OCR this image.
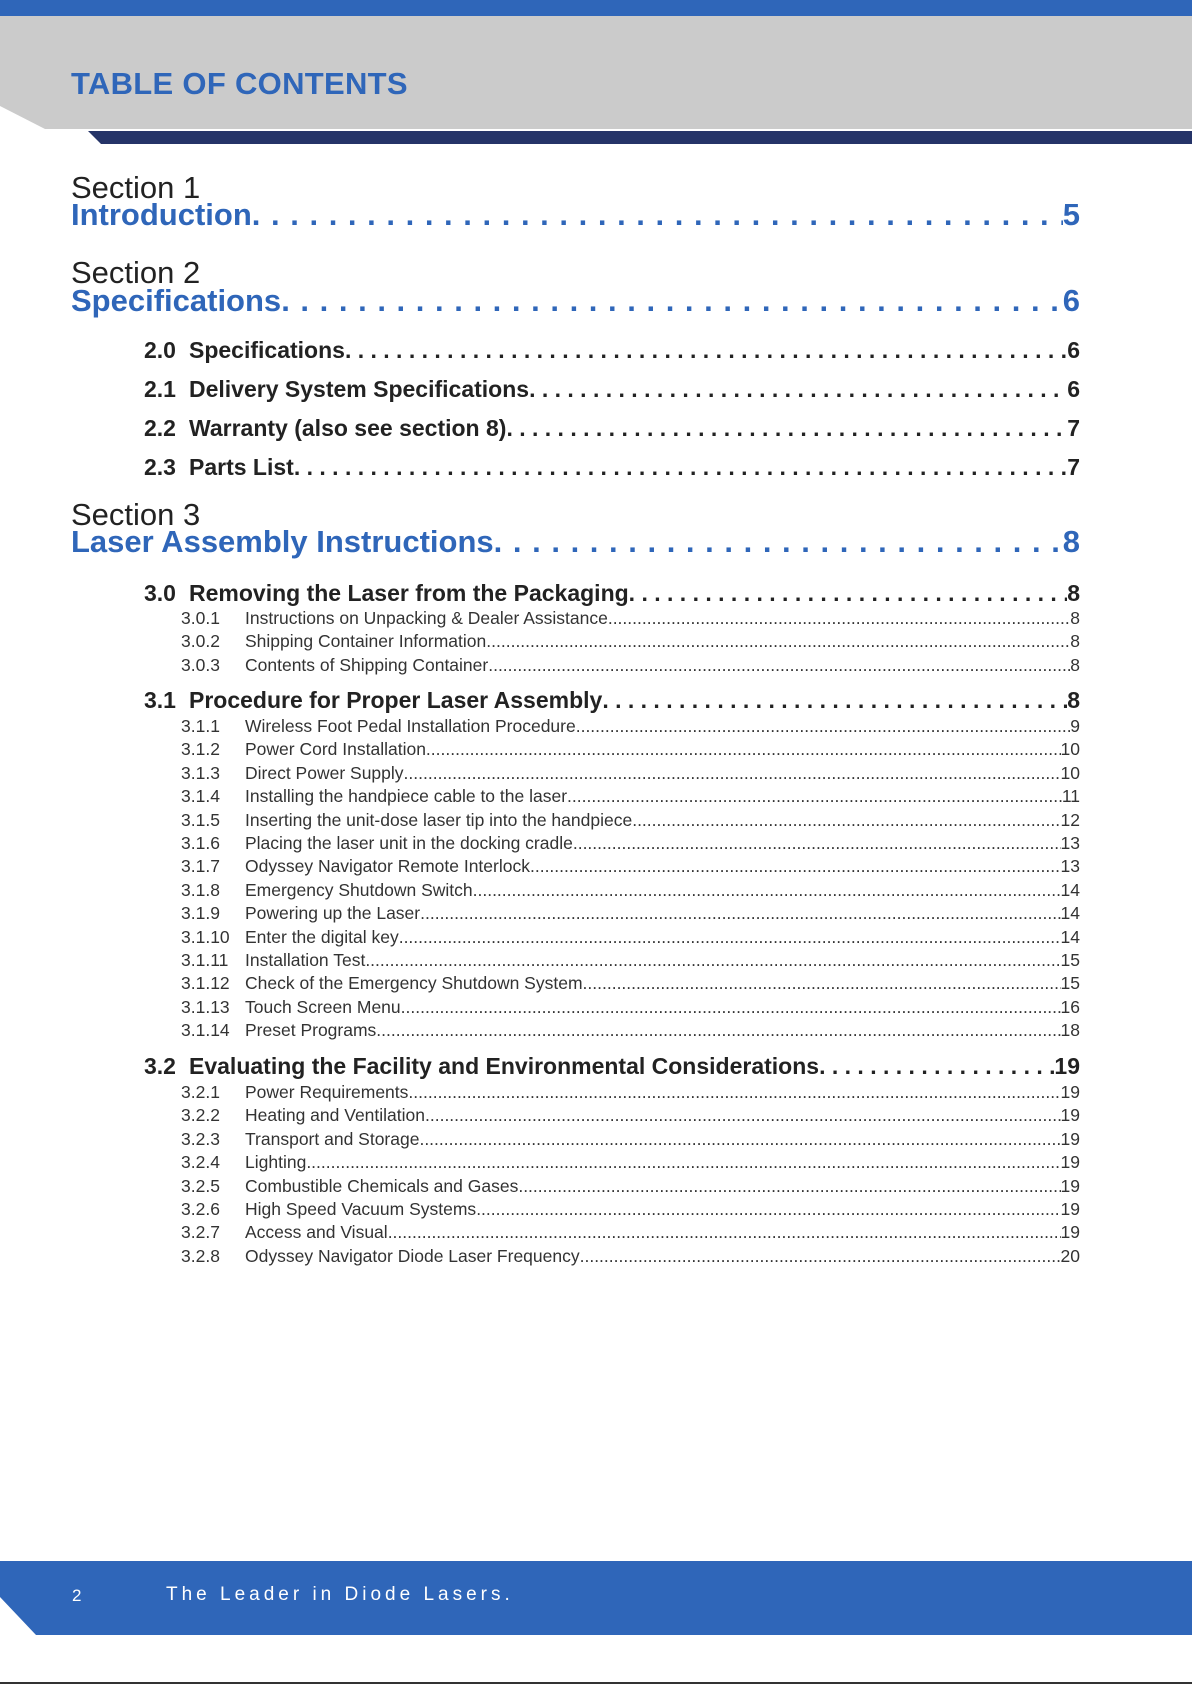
TABLE OF CONTENTS
Section 1
Introduction . . .	5
Section 2
Specifications . . .	6
2.0 Specifications . . .	6
2.1 Delivery System Specifications . . .	6
2.2 Warranty (also see section 8) . . .	7
2.3 Parts List . . .	7
Section 3
Laser Assembly Instructions . . .	8
3.0 Removing the Laser from the Packaging . . .	8
3.0.1 Instructions on Unpacking & Dealer Assistance .....	8
3.0.2 Shipping Container Information .....	8
3.0.3 Contents of Shipping Container .....	8
3.1 Procedure for Proper Laser Assembly . . .	8
3.1.1 Wireless Foot Pedal Installation Procedure .....	9
3.1.2 Power Cord Installation .....	10
3.1.3 Direct Power Supply .....	10
3.1.4 Installing the handpiece cable to the laser .....	11
3.1.5 Inserting the unit-dose laser tip into the handpiece .....	12
3.1.6 Placing the laser unit in the docking cradle .....	13
3.1.7 Odyssey Navigator Remote Interlock .....	13
3.1.8 Emergency Shutdown Switch .....	14
3.1.9 Powering up the Laser .....	14
3.1.10 Enter the digital key .....	14
3.1.11 Installation Test .....	15
3.1.12 Check of the Emergency Shutdown System .....	15
3.1.13 Touch Screen Menu .....	16
3.1.14 Preset Programs .....	18
3.2 Evaluating the Facility and Environmental Considerations . . .	19
3.2.1 Power Requirements .....	19
3.2.2 Heating and Ventilation .....	19
3.2.3 Transport and Storage .....	19
3.2.4 Lighting .....	19
3.2.5 Combustible Chemicals and Gases .....	19
3.2.6 High Speed Vacuum Systems .....	19
3.2.7 Access and Visual .....	19
3.2.8 Odyssey Navigator Diode Laser Frequency .....	20
2	The Leader in Diode Lasers.
